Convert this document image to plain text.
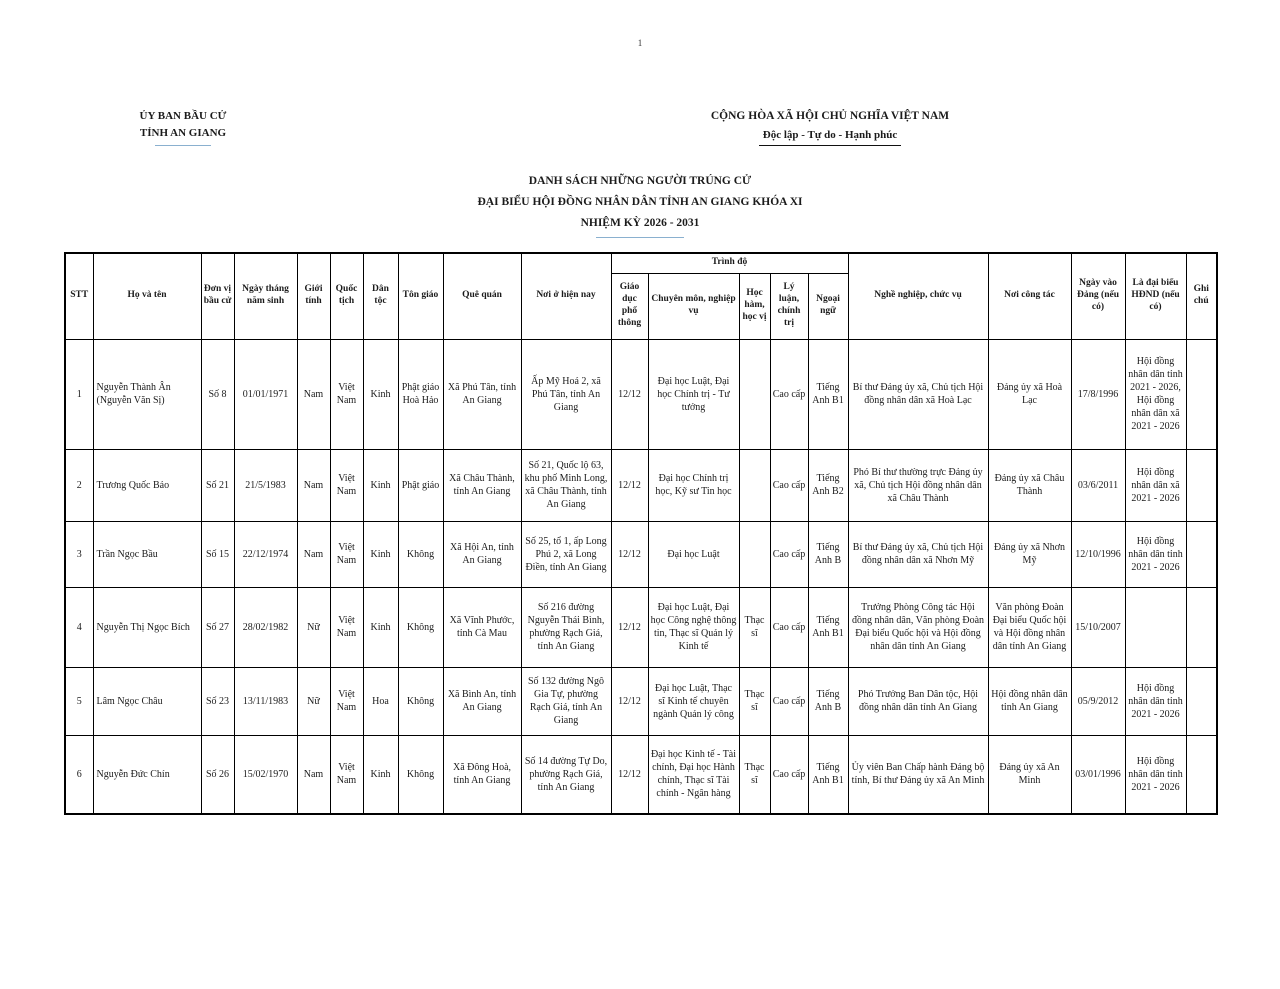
1
ỦY BAN BẦU CỬ
TỈNH AN GIANG
CỘNG HÒA XÃ HỘI CHỦ NGHĨA VIỆT NAM
Độc lập - Tự do - Hạnh phúc
DANH SÁCH NHỮNG NGƯỜI TRÚNG CỬ
ĐẠI BIỂU HỘI ĐỒNG NHÂN DÂN TỈNH AN GIANG KHÓA XI
NHIỆM KỲ 2026 - 2031
STT	Họ và tên	Đơn vị bầu cử	Ngày tháng năm sinh	Giới tính	Quốc tịch	Dân tộc	Tôn giáo	Quê quán	Nơi ở hiện nay	Trình độ					Nghề nghiệp, chức vụ	Nơi công tác	Ngày vào Đảng (nếu có)	Là đại biểu HĐND (nếu có)	Ghi chú
										Giáo dục phổ thông	Chuyên môn, nghiệp vụ	Học hàm, học vị	Lý luận, chính trị	Ngoại ngữ					
1	Nguyễn Thành Ân (Nguyễn Văn Sị)	Số 8	01/01/1971	Nam	Việt Nam	Kinh	Phật giáo Hoà Hảo	Xã Phú Tân, tỉnh An Giang	Ấp Mỹ Hoá 2, xã Phú Tân, tỉnh An Giang	12/12	Đại học Luật, Đại học Chính trị - Tư tưởng		Cao cấp	Tiếng Anh B1	Bí thư Đảng ủy xã, Chủ tịch Hội đồng nhân dân xã Hoà Lạc	Đảng ủy xã Hoà Lạc	17/8/1996	Hội đồng nhân dân tỉnh 2021 - 2026, Hội đồng nhân dân xã 2021 - 2026	
2	Trương Quốc Bảo	Số 21	21/5/1983	Nam	Việt Nam	Kinh	Phật giáo	Xã Châu Thành, tỉnh An Giang	Số 21, Quốc lộ 63, khu phố Minh Long, xã Châu Thành, tỉnh An Giang	12/12	Đại học Chính trị học, Kỹ sư Tin học		Cao cấp	Tiếng Anh B2	Phó Bí thư thường trực Đảng ủy xã, Chủ tịch Hội đồng nhân dân xã Châu Thành	Đảng ủy xã Châu Thành	03/6/2011	Hội đồng nhân dân xã 2021 - 2026	
3	Trần Ngọc Bầu	Số 15	22/12/1974	Nam	Việt Nam	Kinh	Không	Xã Hội An, tỉnh An Giang	Số 25, tổ 1, ấp Long Phú 2, xã Long Điền, tỉnh An Giang	12/12	Đại học Luật		Cao cấp	Tiếng Anh B	Bí thư Đảng ủy xã, Chủ tịch Hội đồng nhân dân xã Nhơn Mỹ	Đảng ủy xã Nhơn Mỹ	12/10/1996	Hội đồng nhân dân tỉnh 2021 - 2026	
4	Nguyễn Thị Ngọc Bích	Số 27	28/02/1982	Nữ	Việt Nam	Kinh	Không	Xã Vĩnh Phước, tỉnh Cà Mau	Số 216 đường Nguyễn Thái Bình, phường Rạch Giá, tỉnh An Giang	12/12	Đại học Luật, Đại học Công nghệ thông tin, Thạc sĩ Quản lý Kinh tế	Thạc sĩ	Cao cấp	Tiếng Anh B1	Trưởng Phòng Công tác Hội đồng nhân dân, Văn phòng Đoàn Đại biểu Quốc hội và Hội đồng nhân dân tỉnh An Giang	Văn phòng Đoàn Đại biểu Quốc hội và Hội đồng nhân dân tỉnh An Giang	15/10/2007		
5	Lâm Ngọc Châu	Số 23	13/11/1983	Nữ	Việt Nam	Hoa	Không	Xã Bình An, tỉnh An Giang	Số 132 đường Ngô Gia Tự, phường Rạch Giá, tỉnh An Giang	12/12	Đại học Luật, Thạc sĩ Kinh tế chuyên ngành Quản lý công	Thạc sĩ	Cao cấp	Tiếng Anh B	Phó Trưởng Ban Dân tộc, Hội đồng nhân dân tỉnh An Giang	Hội đồng nhân dân tỉnh An Giang	05/9/2012	Hội đồng nhân dân tỉnh 2021 - 2026	
6	Nguyễn Đức Chín	Số 26	15/02/1970	Nam	Việt Nam	Kinh	Không	Xã Đông Hoà, tỉnh An Giang	Số 14 đường Tự Do, phường Rạch Giá, tỉnh An Giang	12/12	Đại học Kinh tế - Tài chính, Đại học Hành chính, Thạc sĩ Tài chính - Ngân hàng	Thạc sĩ	Cao cấp	Tiếng Anh B1	Ủy viên Ban Chấp hành Đảng bộ tỉnh, Bí thư Đảng ủy xã An Minh	Đảng ủy xã An Minh	03/01/1996	Hội đồng nhân dân tỉnh 2021 - 2026	
